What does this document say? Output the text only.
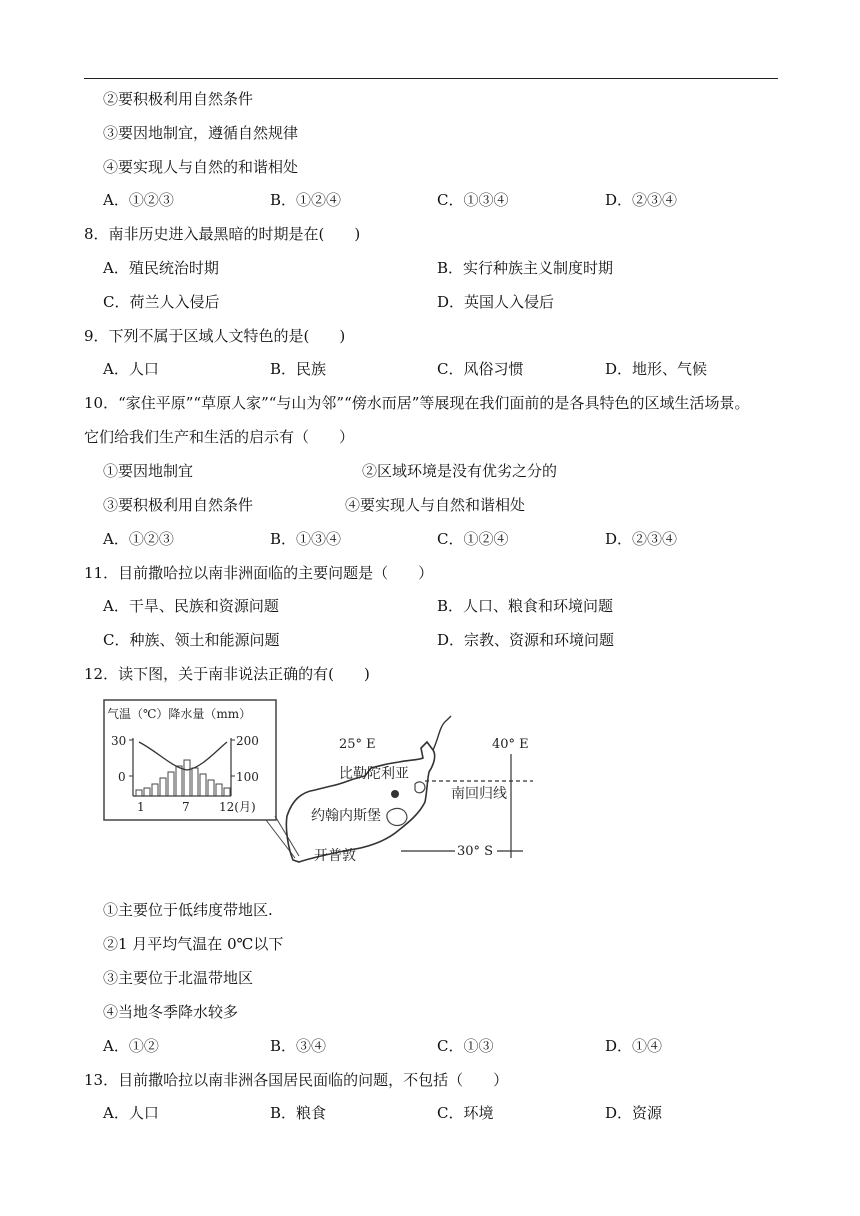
②要积极利用自然条件
③要因地制宜，遵循自然规律
④要实现人与自然的和谐相处
A．①②③	B．①②④	C．①③④	D．②③④
8．南非历史进入最黑暗的时期是在(　　)
A．殖民统治时期	B．实行种族主义制度时期
C．荷兰人入侵后	D．英国人入侵后
9．下列不属于区域人文特色的是(　　)
A．人口	B．民族	C．风俗习惯	D．地形、气候
10．“家住平原”“草原人家”“与山为邻”“傍水而居”等展现在我们面前的是各具特色的区域生活场景。
它们给我们生产和生活的启示有（　　）
①要因地制宜	②区域环境是没有优劣之分的
③要积极利用自然条件	④要实现人与自然和谐相处
A．①②③	B．①③④	C．①②④	D．②③④
11．目前撒哈拉以南非洲面临的主要问题是（　　）
A．干旱、民族和资源问题	B．人口、粮食和环境问题
C．种族、领土和能源问题	D．宗教、资源和环境问题
12．读下图，关于南非说法正确的有(　　)
气温（℃）降水量（mm）
30
0
200
100
1	7 12(月)
25° E
比勒陀利亚
约翰内斯堡
开普敦
40° E
南回归线
30° S
①主要位于低纬度带地区.
②1 月平均气温在 0℃以下
③主要位于北温带地区
④当地冬季降水较多
A．①②	B．③④	C．①③	D．①④
13．目前撒哈拉以南非洲各国居民面临的问题，不包括（　　）
A．人口	B．粮食	C．环境	D．资源
